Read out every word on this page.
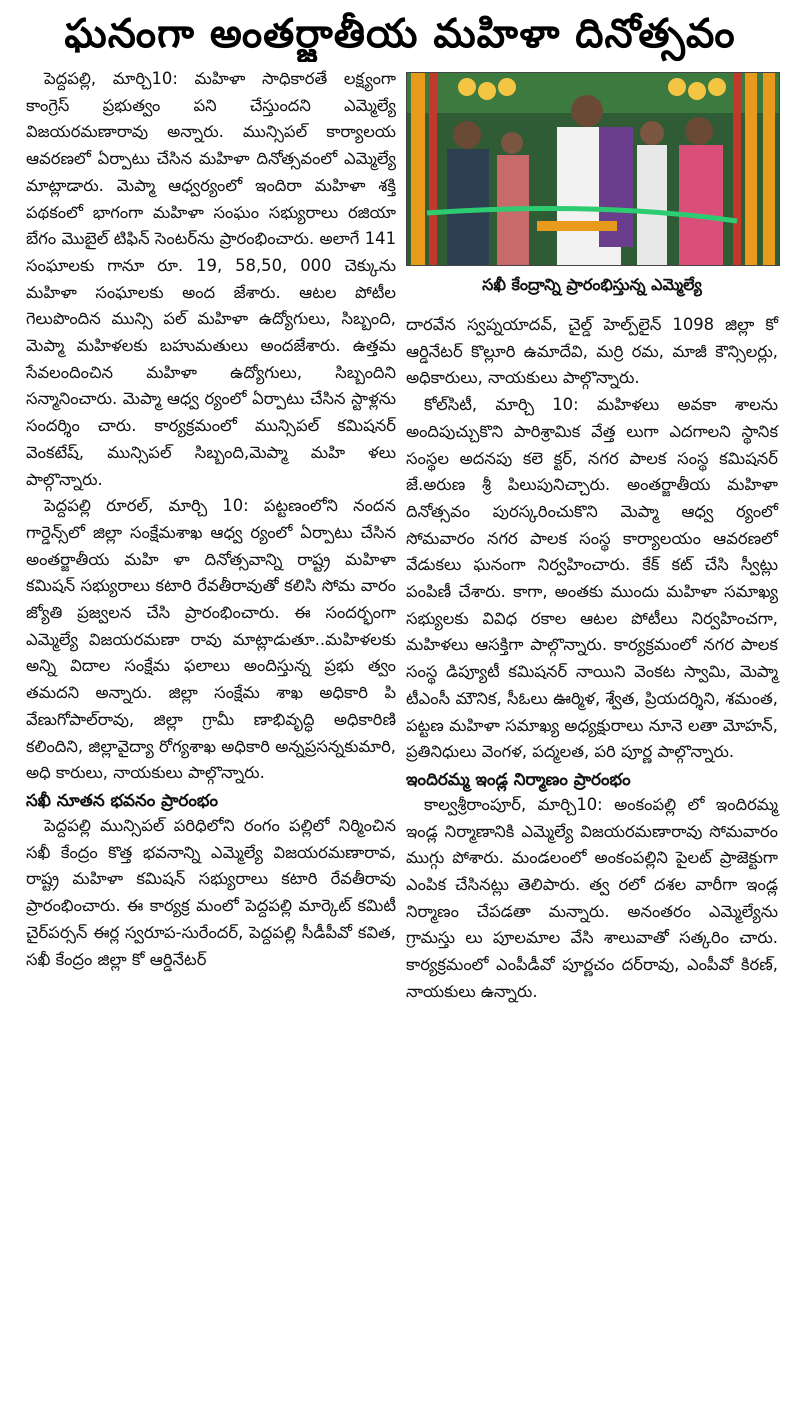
ఘనంగా అంతర్జాతీయ మహిళా దినోత్సవం

పెద్దపల్లి, మార్చి10: మహిళా సాధికారతే లక్ష్యంగా కాంగ్రెస్ ప్రభుత్వం పని చేస్తుందని ఎమ్మెల్యే విజయరమణారావు అన్నారు. మున్సిపల్ కార్యాలయ ఆవరణలో ఏర్పాటు చేసిన మహిళా దినోత్సవంలో ఎమ్మెల్యే మాట్లాడారు. మెప్మా ఆధ్వర్యంలో ఇందిరా మహిళా శక్తి పథకంలో భాగంగా మహిళా సంఘం సభ్యురాలు రజియా బేగం మొబైల్ టిఫిన్ సెంటర్‌ను ప్రారంభించారు. అలాగే 141 సంఘాలకు గానూ రూ. 19, 58,50, 000 చెక్కును మహిళా సంఘాలకు అంద జేశారు. ఆటల పోటీల గెలుపొందిన మున్సి పల్ మహిళా ఉద్యోగులు, సిబ్బంది, మెప్మా మహిళలకు బహుమతులు అందజేశారు. ఉత్తమ సేవలందించిన మహిళా ఉద్యోగులు, సిబ్బందిని సన్మానించారు. మెప్మా ఆధ్వ ర్యంలో ఏర్పాటు చేసిన స్టాళ్లను సందర్శిం చారు. కార్యక్రమంలో మున్సిపల్ కమిషనర్ వెంకటేష్, మున్సిపల్ సిబ్బంది,మెప్మా మహి ళలు పాల్గొన్నారు.

పెద్దపల్లి రూరల్, మార్చి 10: పట్టణంలోని నందన గార్డెన్స్‌లో జిల్లా సంక్షేమశాఖ ఆధ్వ ర్యంలో ఏర్పాటు చేసిన అంతర్జాతీయ మహి ళా దినోత్సవాన్ని రాష్ట్ర మహిళా కమిషన్ సభ్యురాలు కటారి రేవతీరావుతో కలిసి సోమ వారం జ్యోతి ప్రజ్వలన చేసి ప్రారంభించారు. ఈ సందర్భంగా ఎమ్మెల్యే విజయరమణా రావు మాట్లాడుతూ..మహిళలకు అన్ని విదాల సంక్షేమ ఫలాలు అందిస్తున్న ప్రభు త్వం తమదని అన్నారు. జిల్లా సంక్షేమ శాఖ అధికారి పి వేణుగోపాల్‌రావు, జిల్లా గ్రామీ ణాభివృద్ధి అధికారిణి కలిందిని, జిల్లావైద్యా రోగ్యశాఖ అధికారి అన్నప్రసన్నకుమారి, అధి కారులు, నాయకులు పాల్గొన్నారు.

సఖీ నూతన భవనం ప్రారంభం

పెద్దపల్లి మున్సిపల్ పరిధిలోని రంగం పల్లిలో నిర్మించిన సఖీ కేంద్రం కొత్త భవనాన్ని ఎమ్మెల్యే విజయరమణారావ, రాష్ట్ర మహిళా కమిషన్ సభ్యురాలు కటారి రేవతీరావు ప్రారంభించారు. ఈ కార్యక్ర మంలో పెద్దపల్లి మార్కెట్ కమిటీ చైర్‌పర్సన్ ఈర్ల స్వరూప-సురేందర్, పెద్దపల్లి సీడీపీవో కవిత, సఖీ కేంద్రం జిల్లా కో ఆర్డినేటర్

సఖీ కేంద్రాన్ని ప్రారంభిస్తున్న ఎమ్మెల్యే

దారవేన స్వప్నయాదవ్, చైల్డ్ హెల్ప్‌లైన్ 1098 జిల్లా కో ఆర్డినేటర్ కొల్లూరి ఉమాదేవి, మర్రి రమ, మాజీ కౌన్సిలర్లు, అధికారులు, నాయకులు పాల్గొన్నారు.

కోల్‌సిటీ, మార్చి 10: మహిళలు అవకా శాలను అందిపుచ్చుకొని పారిశ్రామిక వేత్త లుగా ఎదగాలని స్థానిక సంస్థల అదనపు కలె క్టర్, నగర పాలక సంస్థ కమిషనర్ జే.అరుణ శ్రీ పిలుపునిచ్చారు. అంతర్జాతీయ మహిళా దినోత్సవం పురస్కరించుకొని మెప్మా ఆధ్వ ర్యంలో సోమవారం నగర పాలక సంస్థ కార్యాలయం ఆవరణలో వేడుకలు ఘనంగా నిర్వహించారు. కేక్ కట్ చేసి స్వీట్లు పంపిణీ చేశారు. కాగా, అంతకు ముందు మహిళా సమాఖ్య సభ్యులకు వివిధ రకాల ఆటల పోటీలు నిర్వహించగా, మహిళలు ఆసక్తిగా పాల్గొన్నారు. కార్యక్రమంలో నగర పాలక సంస్థ డిప్యూటీ కమిషనర్ నాయిని వెంకట స్వామి, మెప్మా టీఎంసీ మౌనిక, సీఓలు ఊర్మిళ, శ్వేత, ప్రియదర్శిని, శమంత, పట్టణ మహిళా సమాఖ్య అధ్యక్షురాలు నూనె లతా మోహన్, ప్రతినిధులు వెంగళ, పద్మలత, పరి పూర్ణ పాల్గొన్నారు.

ఇందిరమ్మ ఇండ్ల నిర్మాణం ప్రారంభం

కాల్వశ్రీరాంపూర్, మార్చి10: అంకంపల్లి లో ఇందిరమ్మ ఇండ్ల నిర్మాణానికి ఎమ్మెల్యే విజయరమణారావు సోమవారం ముగ్గు పోశారు. మండలంలో అంకంపల్లిని పైలట్ ప్రాజెక్టుగా ఎంపిక చేసినట్లు తెలిపారు. త్వ రలో దశల వారీగా ఇండ్ల నిర్మాణం చేపడతా మన్నారు. అనంతరం ఎమ్మెల్యేను గ్రామస్తు లు పూలమాల వేసి శాలువాతో సత్కరిం చారు. కార్యక్రమంలో ఎంపీడీవో పూర్ణచం దర్‌రావు, ఎంపీవో కిరణ్, నాయకులు ఉన్నారు.
